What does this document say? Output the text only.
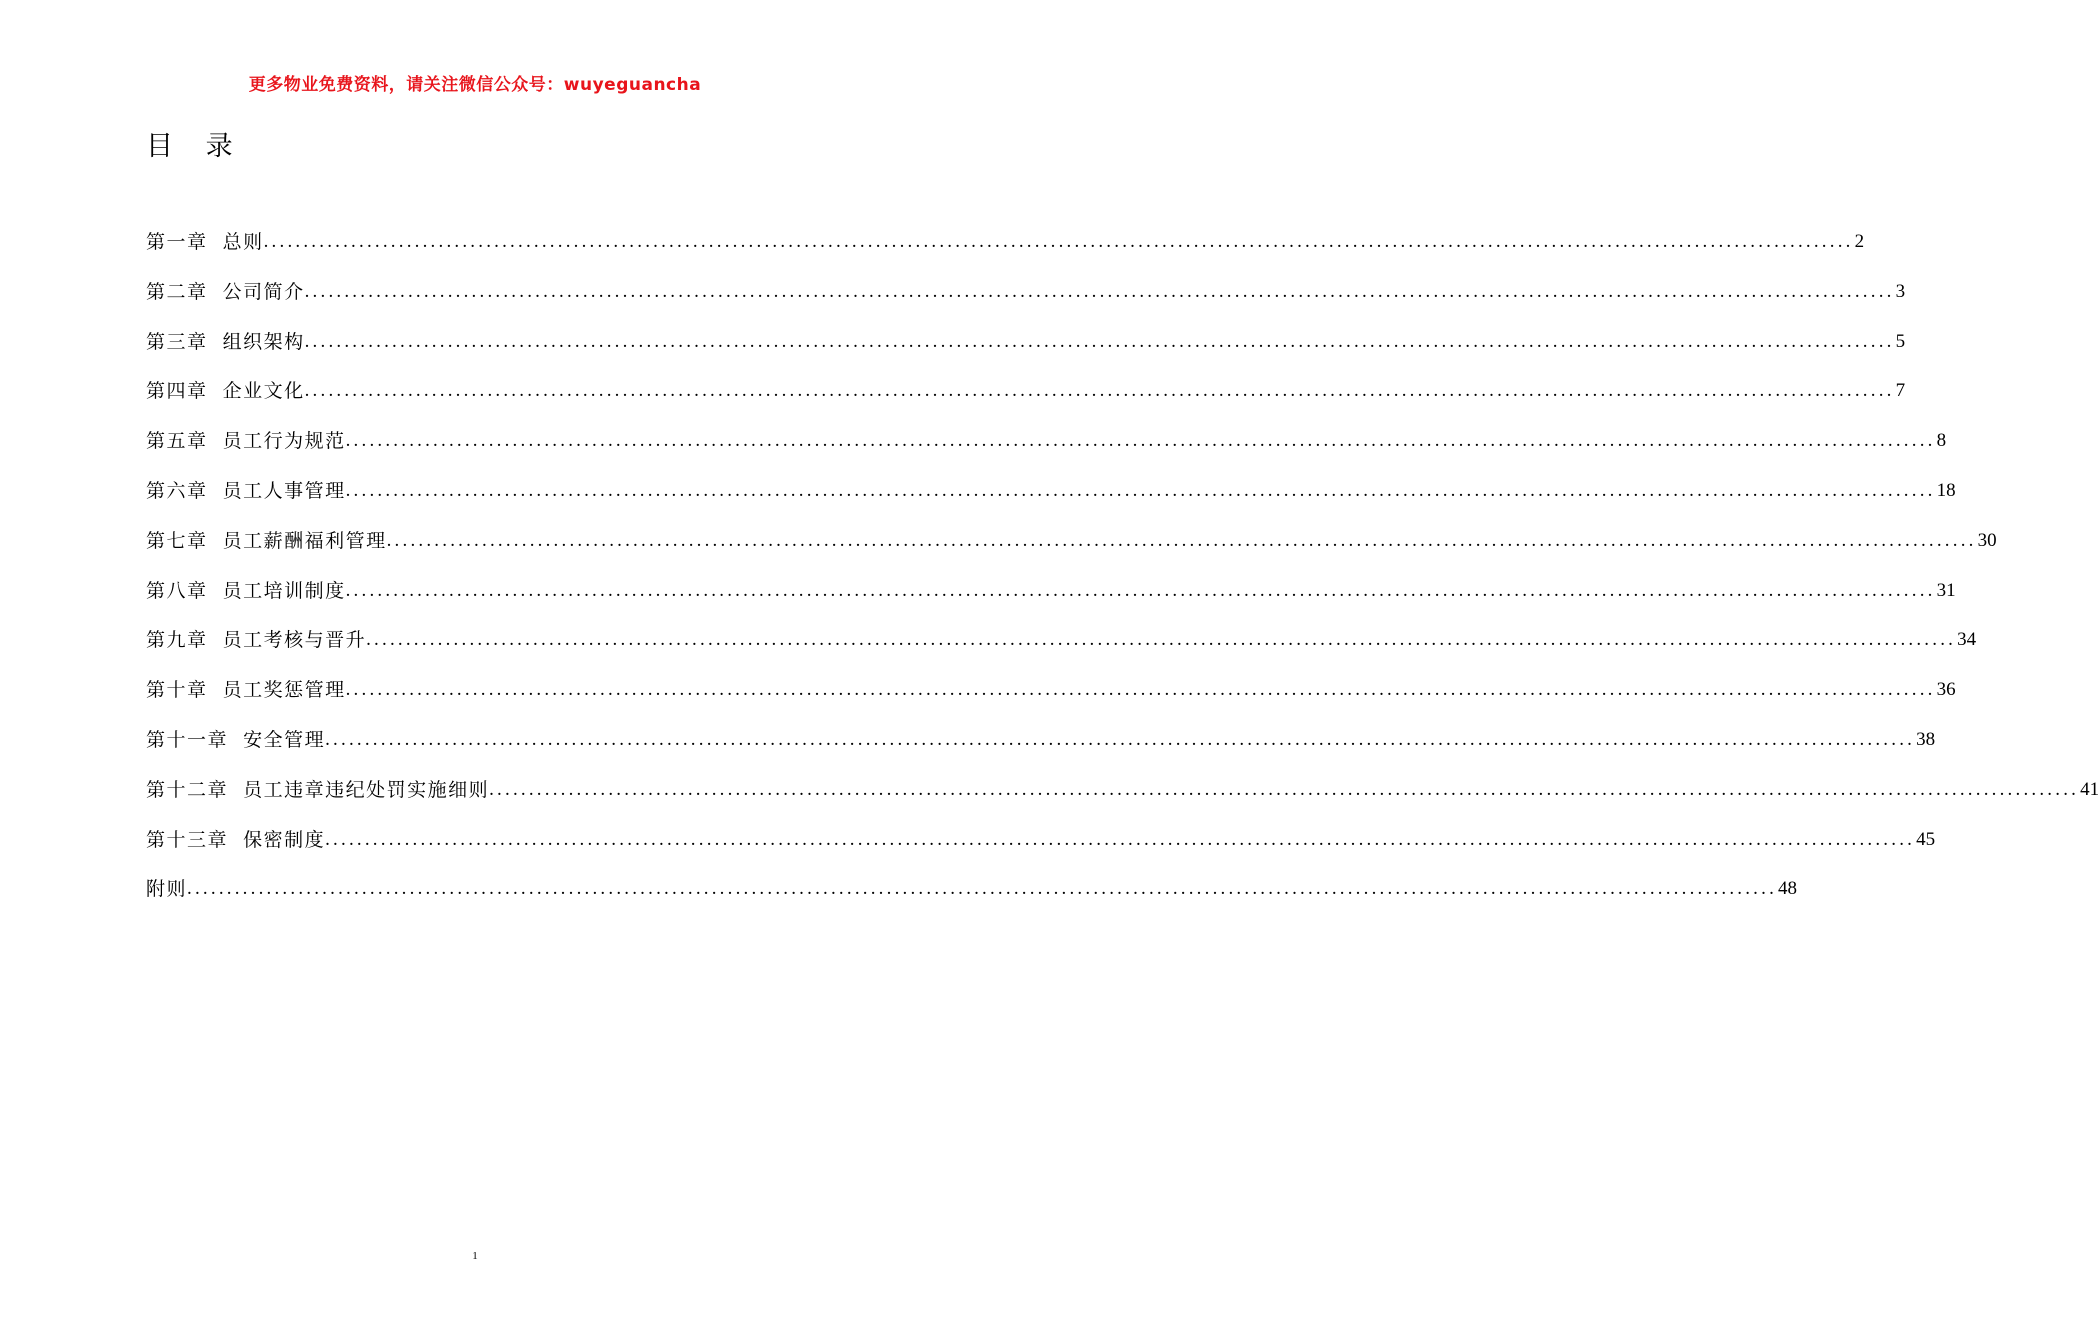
更多物业免费资料，请关注微信公众号：wuyeguancha
目 录
第一章  总则 ........................................................................................................................................................................................................ 2
第二章  公司简介 ........................................................................................................................................................................................................ 3
第三章  组织架构 ........................................................................................................................................................................................................ 5
第四章  企业文化 ........................................................................................................................................................................................................ 7
第五章  员工行为规范 ........................................................................................................................................................................................................ 8
第六章  员工人事管理 ........................................................................................................................................................................................................ 18
第七章  员工薪酬福利管理 ........................................................................................................................................................................................................ 30
第八章  员工培训制度 ........................................................................................................................................................................................................ 31
第九章  员工考核与晋升 ........................................................................................................................................................................................................ 34
第十章  员工奖惩管理 ........................................................................................................................................................................................................ 36
第十一章  安全管理 ........................................................................................................................................................................................................ 38
第十二章  员工违章违纪处罚实施细则 ........................................................................................................................................................................................................ 41
第十三章  保密制度 ........................................................................................................................................................................................................ 45
附则 ........................................................................................................................................................................................................ 48
1
